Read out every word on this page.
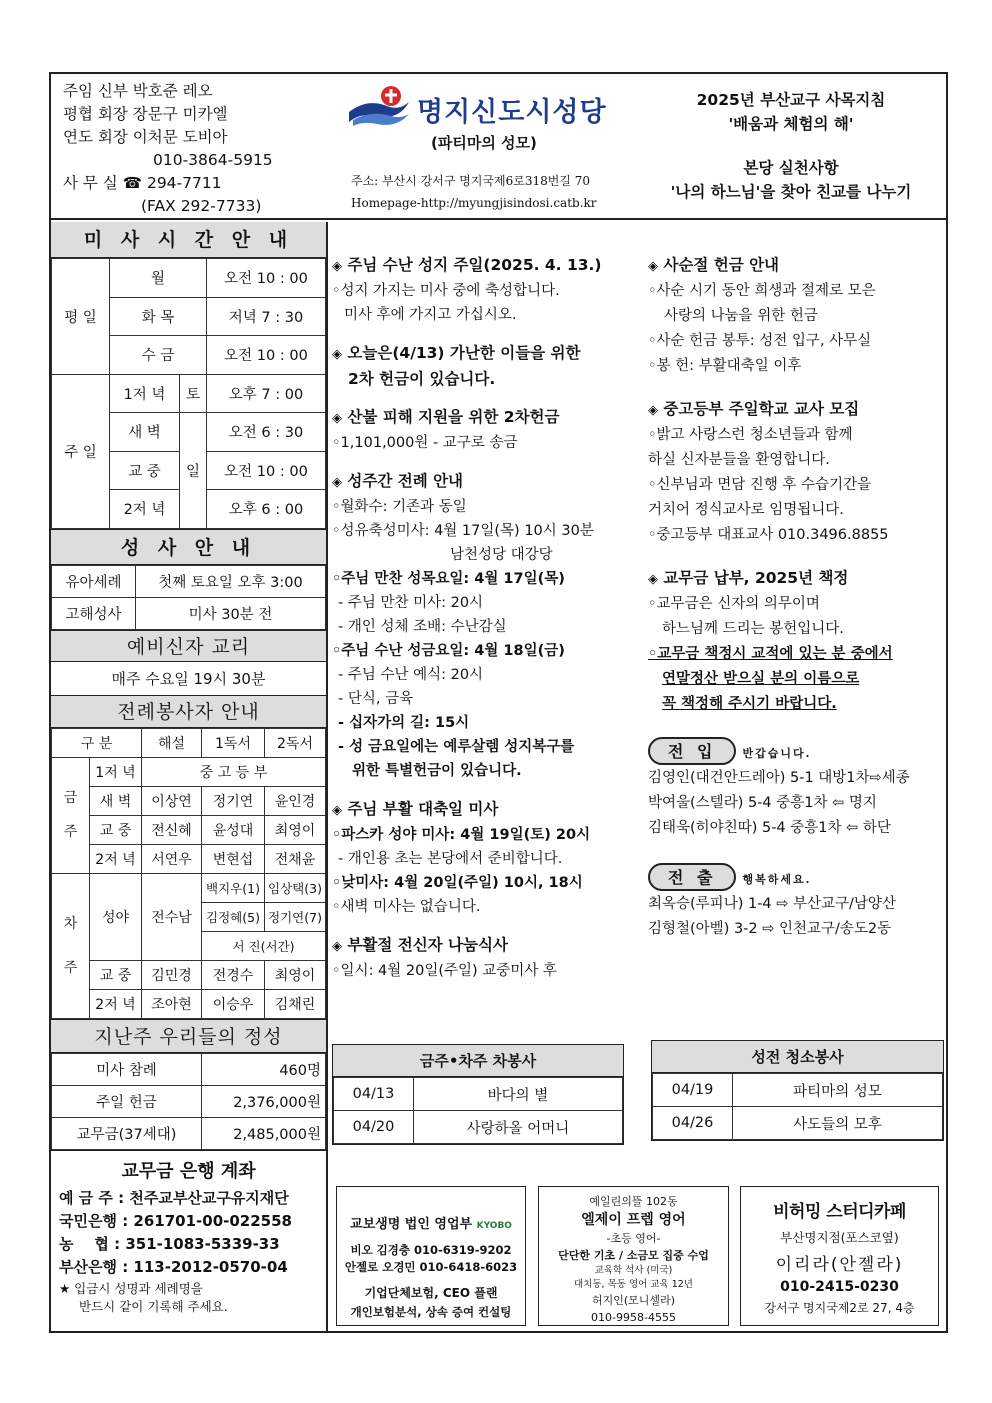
주임 신부 박호준 레오
평협 회장 장문구 미카엘
연도 회장 이처문 도비아
010-3864-5915
사 무 실 ☎ 294-7711
(FAX 292-7733)
명지신도시성당
(파티마의 성모)
주소: 부산시 강서구 명지국제6로318번길 70
Homepage-http://myungjisindosi.catb.kr
2025년 부산교구 사목지침
'배움과 체험의 해'
본당 실천사항
'나의 하느님'을 찾아 친교를 나누기
미 사 시 간 안 내
평 일	월		오전 10 : 00
	화 목		저녁 7 : 30
	수 금		오전 10 : 00
주 일	1저 녁	토	오후 7 : 00
	새 벽	일	오전 6 : 30
	교 중		오전 10 : 00
	2저 녁		오후 6 : 00
성 사 안 내
유아세례	첫째 토요일 오후 3:00
고해성사	미사 30분 전
예비신자 교리
매주 수요일 19시 30분
전례봉사자 안내
구 분		해설	1독서	2독서
금
주	1저 녁	중 고 등 부		
	새 벽	이상연	정기연	윤인경
	교 중	전신혜	윤성대	최영이
	2저 녁	서연우	변현섭	전채윤
차
주	성야	전수남	백지우(1)	임상택(3)
			김정혜(5)	정기연(7)
			서 진(서간)	
	교 중	김민경	전경수	최영이
	2저 녁	조아현	이승우	김채린
지난주 우리들의 정성
미사 참례	460명
주일 헌금	2,376,000원
교무금(37세대)	2,485,000원
교무금 은행 계좌
예 금 주 : 천주교부산교구유지재단
국민은행 : 261701-00-022558
농    협 : 351-1083-5339-33
부산은행 : 113-2012-0570-04
★ 입금시 성명과 세례명을
반드시 같이 기록해 주세요.
◈ 주님 수난 성지 주일(2025. 4. 13.)
◦성지 가지는 미사 중에 축성합니다.
미사 후에 가지고 가십시오.
◈ 오늘은(4/13) 가난한 이들을 위한
2차 헌금이 있습니다.
◈ 산불 피해 지원을 위한 2차헌금
◦1,101,000원 - 교구로 송금
◈ 성주간 전례 안내
◦월화수: 기존과 동일
◦성유축성미사: 4월 17일(목) 10시 30분
남천성당 대강당
◦주님 만찬 성목요일: 4월 17일(목)
- 주님 만찬 미사: 20시
- 개인 성체 조배: 수난감실
◦주님 수난 성금요일: 4월 18일(금)
- 주님 수난 예식: 20시
- 단식, 금육
- 십자가의 길: 15시
- 성 금요일에는 예루살렘 성지복구를
위한 특별헌금이 있습니다.
◈ 주님 부활 대축일 미사
◦파스카 성야 미사: 4월 19일(토) 20시
- 개인용 초는 본당에서 준비합니다.
◦낮미사: 4월 20일(주일) 10시, 18시
◦새벽 미사는 없습니다.
◈ 부활절 전신자 나눔식사
◦일시: 4월 20일(주일) 교중미사 후
◈ 사순절 헌금 안내
◦사순 시기 동안 희생과 절제로 모은
사랑의 나눔을 위한 헌금
◦사순 헌금 봉투: 성전 입구, 사무실
◦봉 헌: 부활대축일 이후
◈ 중고등부 주일학교 교사 모집
◦밝고 사랑스런 청소년들과 함께
하실 신자분들을 환영합니다.
◦신부님과 면담 진행 후 수습기간을
거치어 정식교사로 임명됩니다.
◦중고등부 대표교사 010.3496.8855
◈ 교무금 납부, 2025년 책정
◦교무금은 신자의 의무이며
하느님께 드리는 봉헌입니다.
◦교무금 책정시 교적에 있는 분 중에서
연말정산 받으실 분의 이름으로
꼭 책정해 주시기 바랍니다.
전 입 반갑습니다.
김영인(대건안드레아) 5-1 대방1차⇨세종
박여울(스텔라) 5-4 중흥1차 ⇦ 명지
김태욱(히야친따) 5-4 중흥1차 ⇦ 하단
전 출 행복하세요.
최옥승(루피나) 1-4 ⇨ 부산교구/남양산
김형철(아벨) 3-2 ⇨ 인천교구/송도2동
금주•차주 차봉사
04/13	바다의 별
04/20	사랑하올 어머니
성전 청소봉사
04/19	파티마의 성모
04/26	사도들의 모후
교보생명 법인 영업부 KYOBO
비오 김경충 010-6319-9202
안젤로 오경민 010-6418-6023
기업단체보험, CEO 플랜
개인보험분석, 상속 증여 컨설팅
예일린의뜰 102동
엘제이 프렙 영어
-초등 영어-
단단한 기초 / 소금모 집중 수업
교육학 석사 (미국)
대치동, 목동 영어 교육 12년
허지인(모니셀라)
010-9958-4555
비허밍 스터디카페
부산명지점(포스코옆)
이리라(안젤라)
010-2415-0230
강서구 명지국제2로 27, 4층
